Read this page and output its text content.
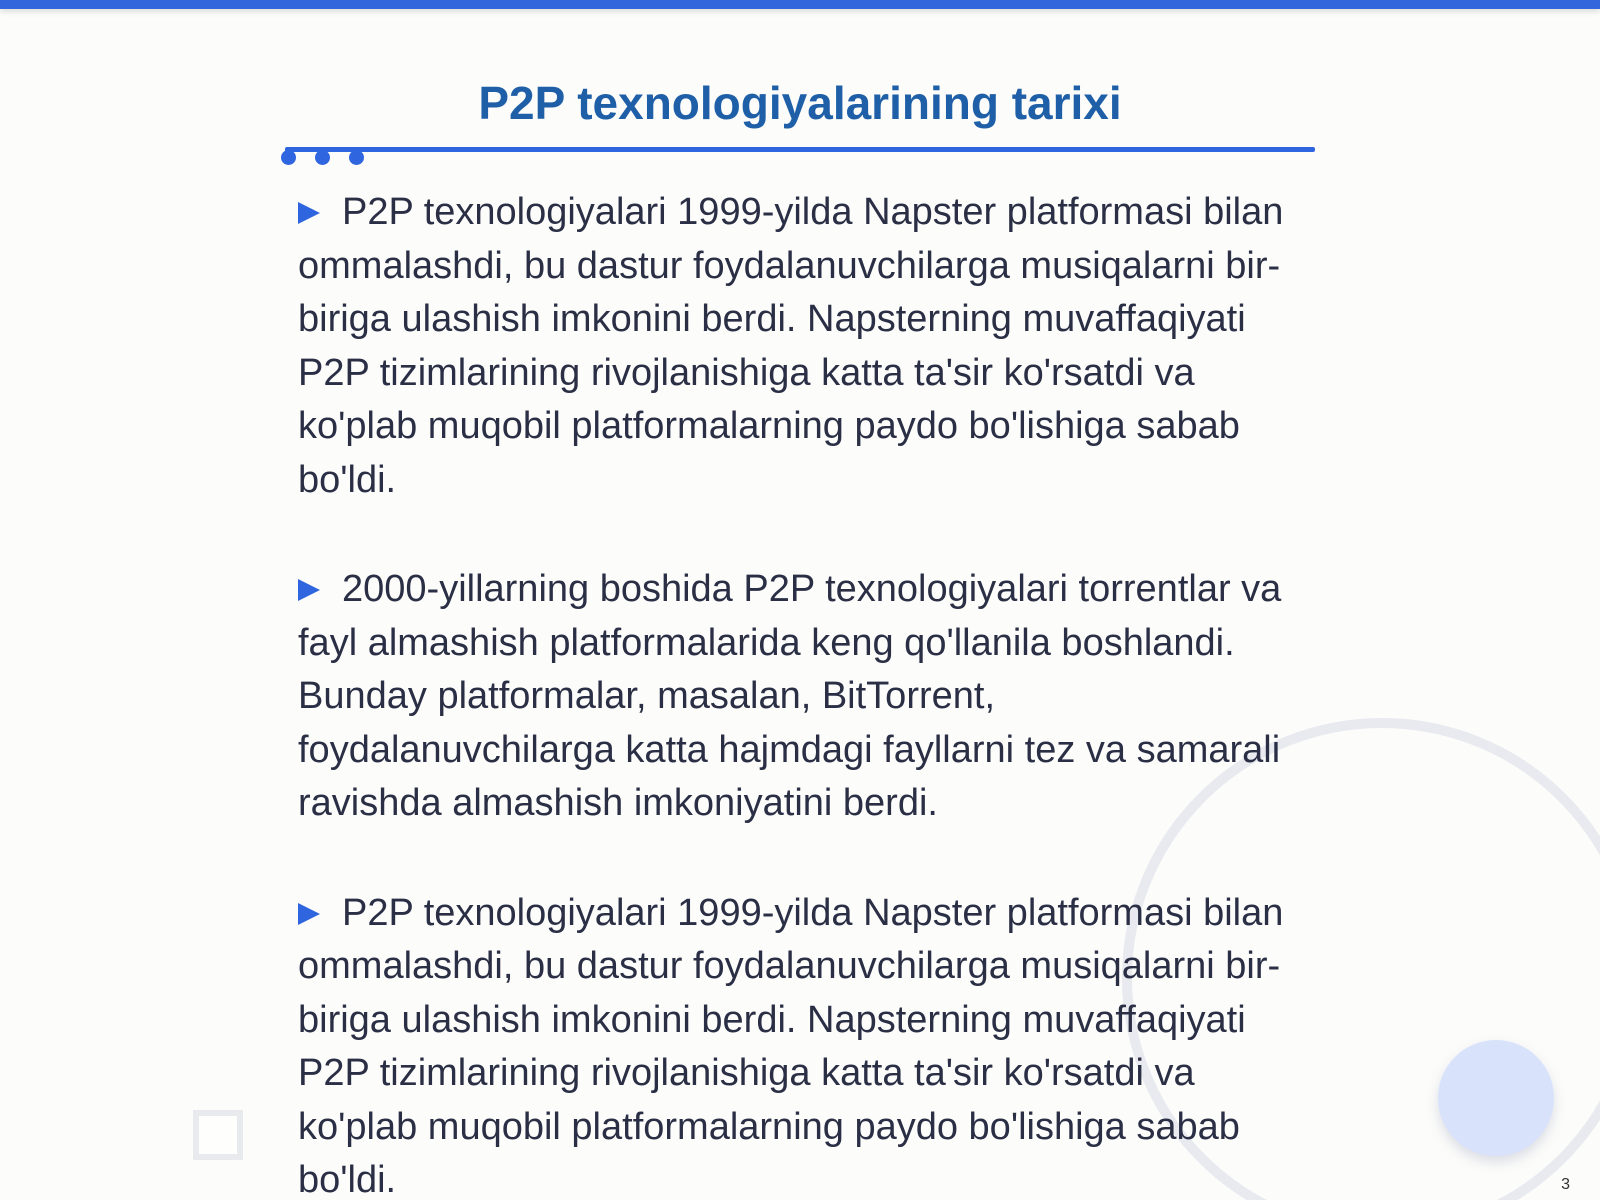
P2P texnologiyalarining tarixi

P2P texnologiyalari 1999-yilda Napster platformasi bilan ommalashdi, bu dastur foydalanuvchilarga musiqalarni bir-biriga ulashish imkonini berdi. Napsterning muvaffaqiyati P2P tizimlarining rivojlanishiga katta ta'sir ko'rsatdi va ko'plab muqobil platformalarning paydo bo'lishiga sabab bo'ldi.

2000-yillarning boshida P2P texnologiyalari torrentlar va fayl almashish platformalarida keng qo'llanila boshlandi. Bunday platformalar, masalan, BitTorrent, foydalanuvchilarga katta hajmdagi fayllarni tez va samarali ravishda almashish imkoniyatini berdi.

P2P texnologiyalari 1999-yilda Napster platformasi bilan ommalashdi, bu dastur foydalanuvchilarga musiqalarni bir-biriga ulashish imkonini berdi. Napsterning muvaffaqiyati P2P tizimlarining rivojlanishiga katta ta'sir ko'rsatdi va ko'plab muqobil platformalarning paydo bo'lishiga sabab bo'ldi.	3
